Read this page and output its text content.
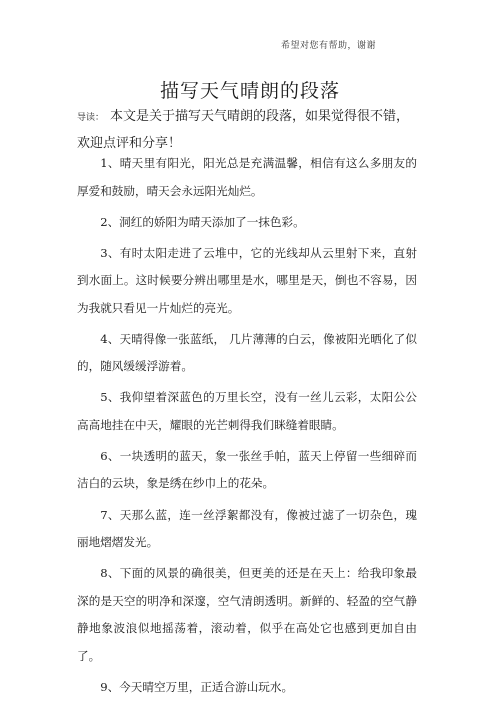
希望对您有帮助，谢谢
描写天气晴朗的段落
导读： 本文是关于描写天气晴朗的段落，如果觉得很不错，欢迎点评和分享！

1、晴天里有阳光，阳光总是充满温馨，相信有这么多朋友的厚爱和鼓励，晴天会永远阳光灿烂。

2、洞红的娇阳为晴天添加了一抹色彩。

3、有时太阳走进了云堆中，它的光线却从云里射下来，直射到水面上。这时候要分辨出哪里是水，哪里是天，倒也不容易，因为我就只看见一片灿烂的亮光。

4、天晴得像一张蓝纸， 几片薄薄的白云，像被阳光晒化了似的，随风缓缓浮游着。

5、我仰望着深蓝色的万里长空，没有一丝儿云彩，太阳公公高高地挂在中天，耀眼的光芒刺得我们眯缝着眼睛。

6、一块透明的蓝天，象一张丝手帕，蓝天上停留一些细碎而洁白的云块，象是绣在纱巾上的花朵。

7、天那么蓝，连一丝浮絮都没有，像被过滤了一切杂色，瑰丽地熠熠发光。

8、下面的风景的确很美，但更美的还是在天上：给我印象最深的是天空的明净和深邃，空气清朗透明。新鲜的、轻盈的空气静静地象波浪似地摇荡着，滚动着，似乎在高处它也感到更加自由了。

9、今天晴空万里，正适合游山玩水。
